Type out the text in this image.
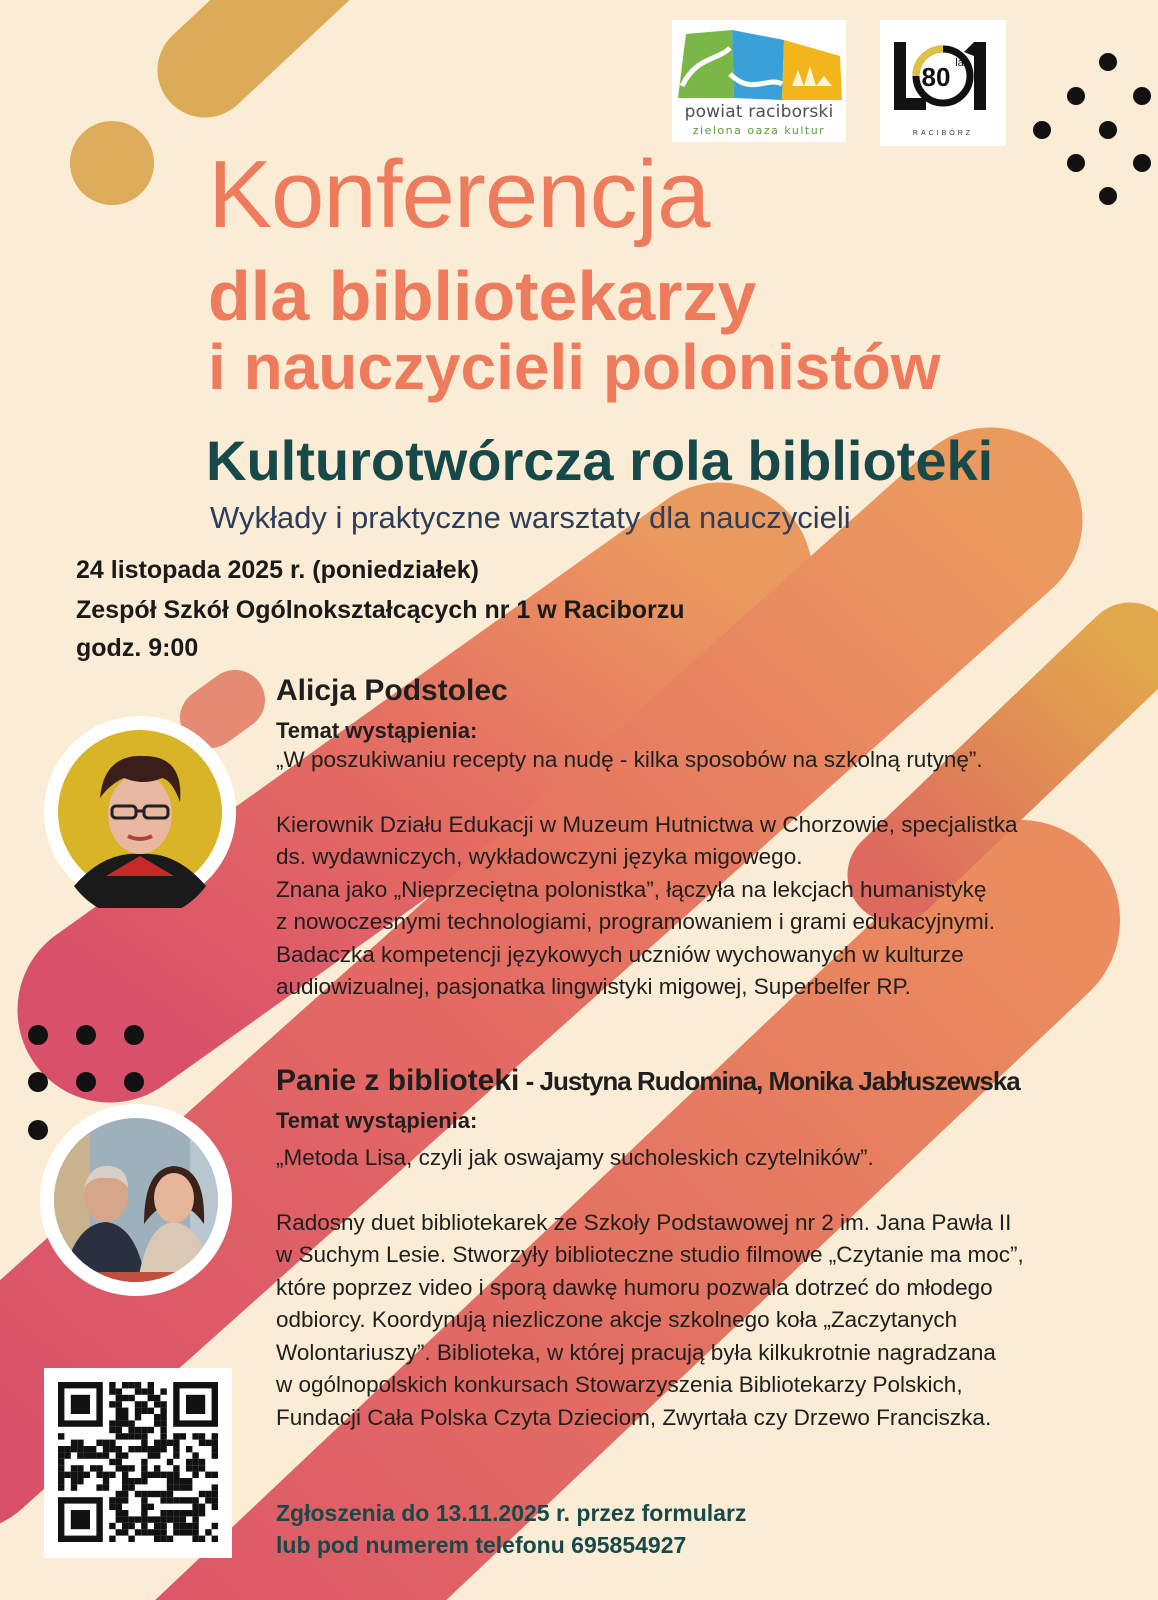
powiat raciborski
zielona oaza kultur
80 lat
RACIBÓRZ
Konferencja
dla bibliotekarzy
i nauczycieli polonistów
Kulturotwórcza rola biblioteki
Wykłady i praktyczne warsztaty dla nauczycieli
24 listopada 2025 r. (poniedziałek)
Zespół Szkół Ogólnokształcących nr 1 w Raciborzu
godz. 9:00
Alicja Podstolec
Temat wystąpienia:
„W poszukiwaniu recepty na nudę - kilka sposobów na szkolną rutynę”.
Kierownik Działu Edukacji w Muzeum Hutnictwa w Chorzowie, specjalistka
ds. wydawniczych, wykładowczyni języka migowego.
Znana jako „Nieprzeciętna polonistka”, łączyła na lekcjach humanistykę
z nowoczesnymi technologiami, programowaniem i grami edukacyjnymi.
Badaczka kompetencji językowych uczniów wychowanych w kulturze
audiowizualnej, pasjonatka lingwistyki migowej, Superbelfer RP.
Panie z biblioteki - Justyna Rudomina, Monika Jabłuszewska
Temat wystąpienia:
„Metoda Lisa, czyli jak oswajamy sucholeskich czytelników”.
Radosny duet bibliotekarek ze Szkoły Podstawowej nr 2 im. Jana Pawła II
w Suchym Lesie. Stworzyły biblioteczne studio filmowe „Czytanie ma moc”,
które poprzez video i sporą dawkę humoru pozwala dotrzeć do młodego
odbiorcy. Koordynują niezliczone akcje szkolnego koła „Zaczytanych
Wolontariuszy”. Biblioteka, w której pracują była kilkukrotnie nagradzana
w ogólnopolskich konkursach Stowarzyszenia Bibliotekarzy Polskich,
Fundacji Cała Polska Czyta Dzieciom, Zwyrtała czy Drzewo Franciszka.
Zgłoszenia do 13.11.2025 r. przez formularz
lub pod numerem telefonu 695854927
